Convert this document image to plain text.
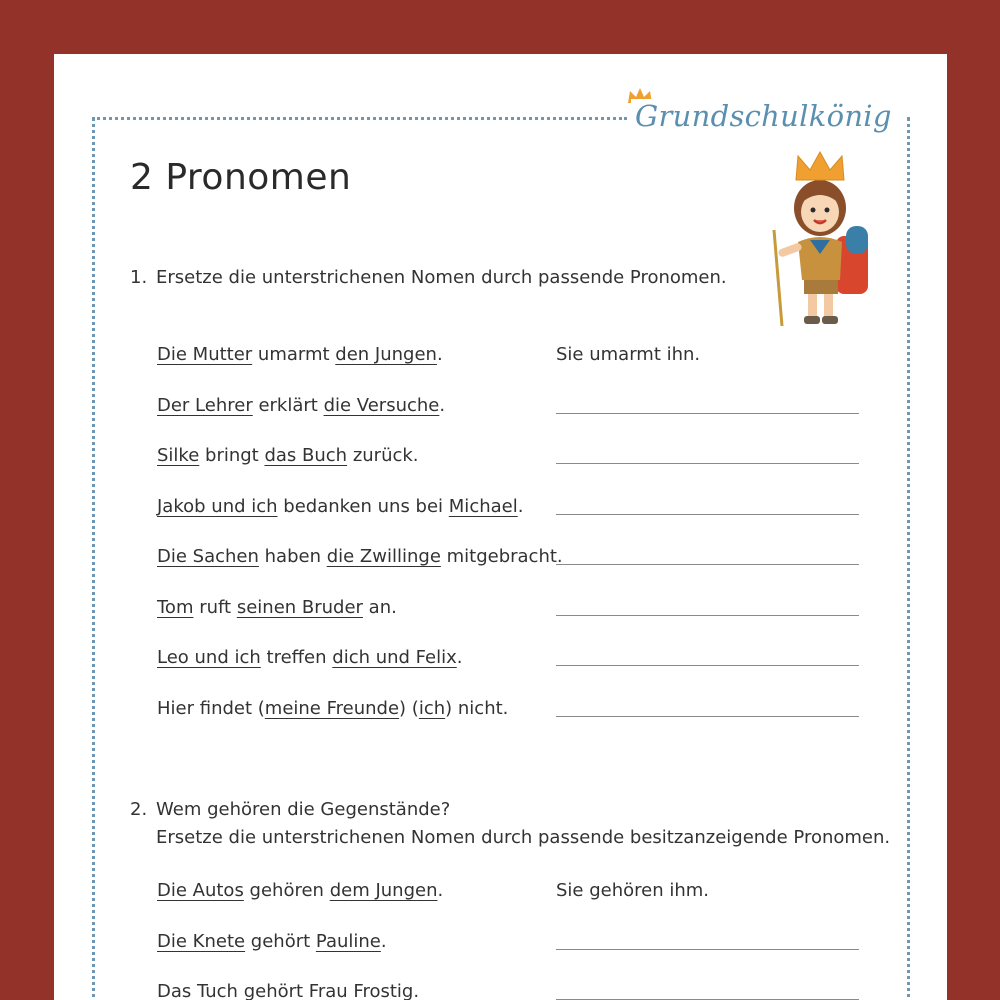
Grundschulkönig
2 Pronomen
1. Ersetze die unterstrichenen Nomen durch passende Pronomen.
Die Mutter umarmt den Jungen.	Sie umarmt ihn.
Der Lehrer erklärt die Versuche.
Silke bringt das Buch zurück.
Jakob und ich bedanken uns bei Michael.
Die Sachen haben die Zwillinge mitgebracht.
Tom ruft seinen Bruder an.
Leo und ich treffen dich und Felix.
Hier findet (meine Freunde) (ich) nicht.
2. Wem gehören die Gegenstände?
Ersetze die unterstrichenen Nomen durch passende besitzanzeigende Pronomen.
Die Autos gehören dem Jungen.	Sie gehören ihm.
Die Knete gehört Pauline.
Das Tuch gehört Frau Frostig.
